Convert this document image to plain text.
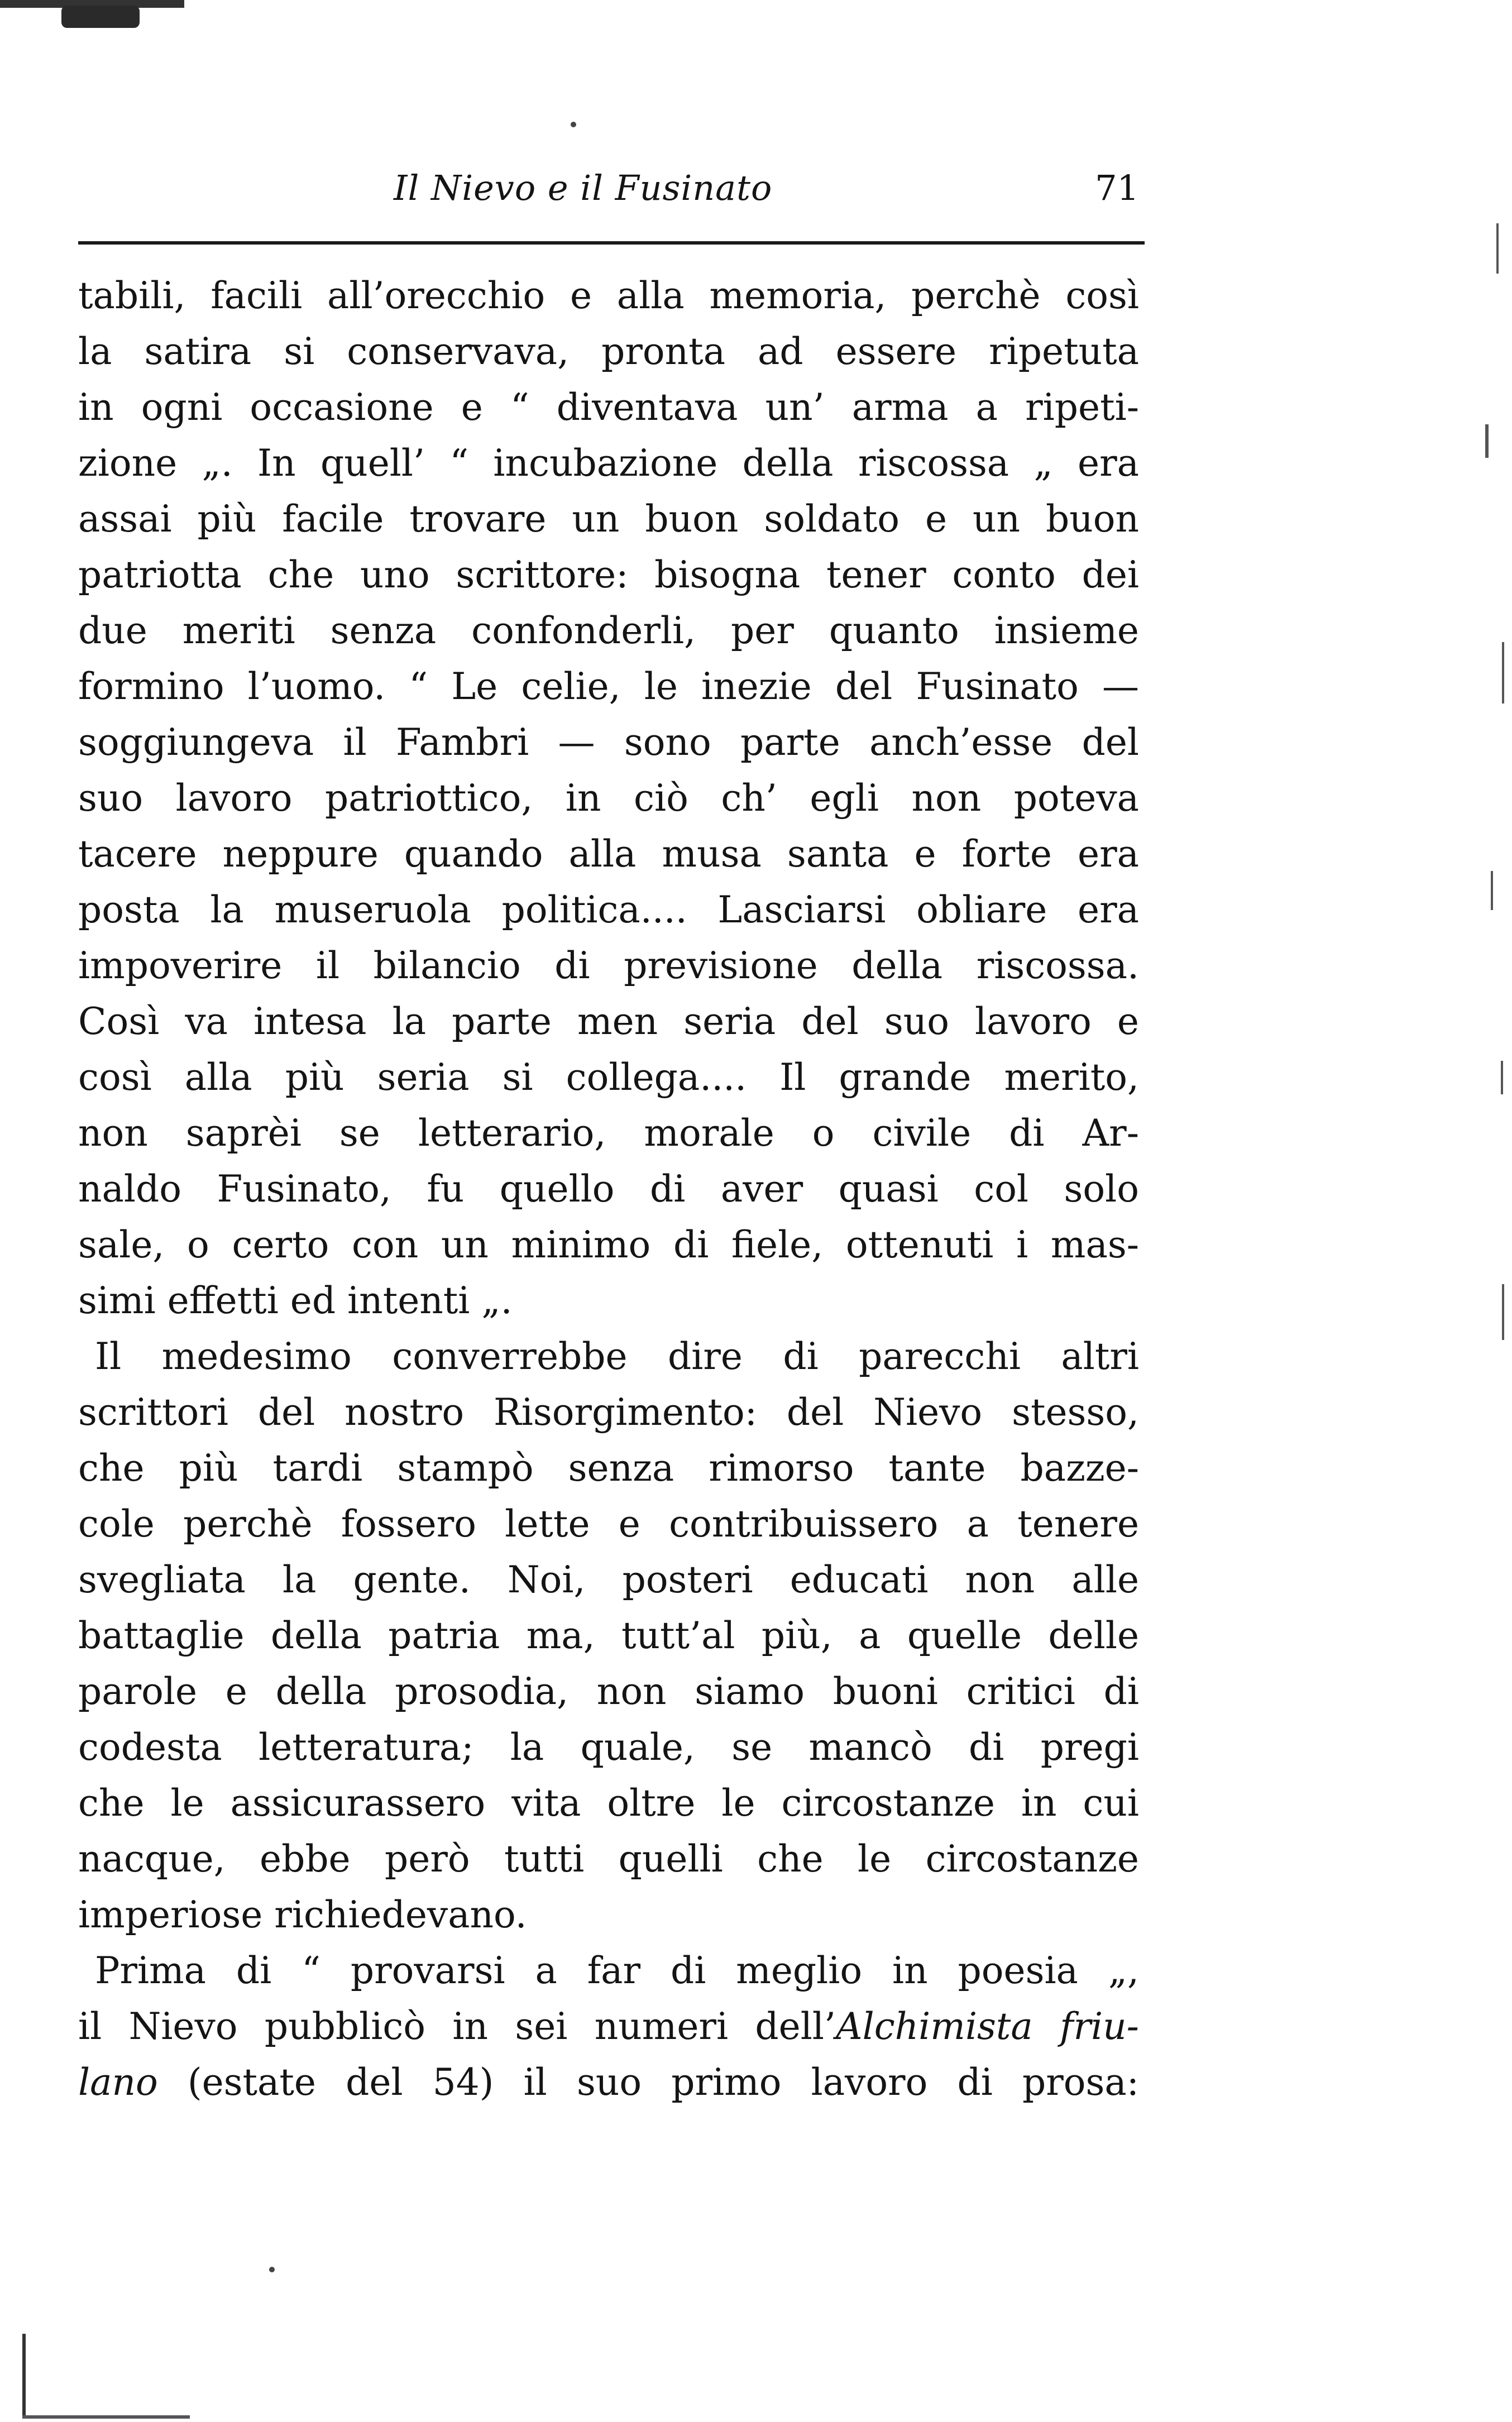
Il Nievo e il Fusinato	71
tabili, facili all’orecchio e alla memoria, perchè così
la satira si conservava, pronta ad essere ripetuta
in ogni occasione e “ diventava un’ arma a ripeti-
zione „. In quell’ “ incubazione della riscossa „ era
assai più facile trovare un buon soldato e un buon
patriotta che uno scrittore: bisogna tener conto dei
due meriti senza confonderli, per quanto insieme
formino l’uomo. “ Le celie, le inezie del Fusinato —
soggiungeva il Fambri — sono parte anch’esse del
suo lavoro patriottico, in ciò ch’ egli non poteva
tacere neppure quando alla musa santa e forte era
posta la museruola politica.... Lasciarsi obliare era
impoverire il bilancio di previsione della riscossa.
Così va intesa la parte men seria del suo lavoro e
così alla più seria si collega.... Il grande merito,
non saprèi se letterario, morale o civile di Ar-
naldo Fusinato, fu quello di aver quasi col solo
sale, o certo con un minimo di fiele, ottenuti i mas-
simi effetti ed intenti „.
Il medesimo converrebbe dire di parecchi altri
scrittori del nostro Risorgimento: del Nievo stesso,
che più tardi stampò senza rimorso tante bazze-
cole perchè fossero lette e contribuissero a tenere
svegliata la gente. Noi, posteri educati non alle
battaglie della patria ma, tutt’al più, a quelle delle
parole e della prosodia, non siamo buoni critici di
codesta letteratura; la quale, se mancò di pregi
che le assicurassero vita oltre le circostanze in cui
nacque, ebbe però tutti quelli che le circostanze
imperiose richiedevano.
Prima di “ provarsi a far di meglio in poesia „,
il Nievo pubblicò in sei numeri dell’Alchimista friu-
lano (estate del 54) il suo primo lavoro di prosa:
